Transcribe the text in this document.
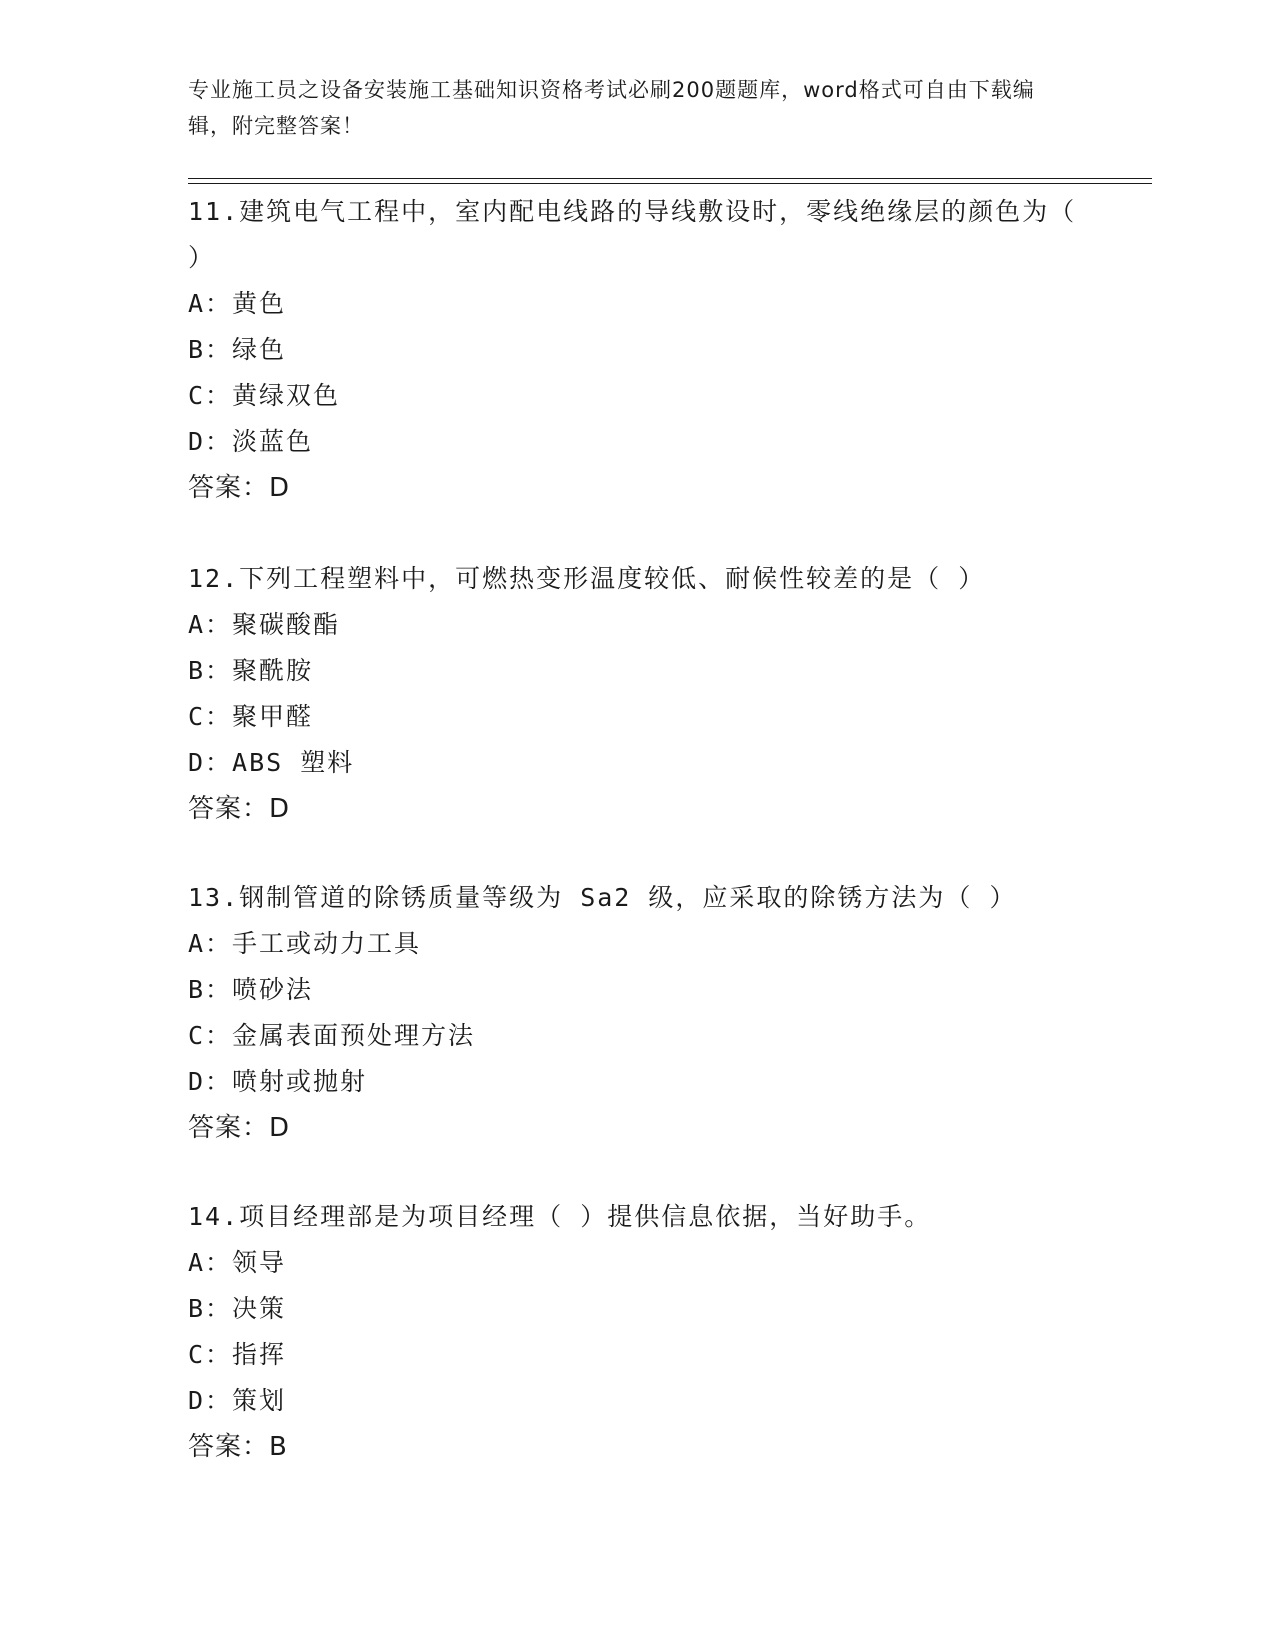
专业施工员之设备安装施工基础知识资格考试必刷200题题库，word格式可自由下载编辑，附完整答案！

11.建筑电气工程中，室内配电线路的导线敷设时，零线绝缘层的颜色为（ ）

A：黄色

B：绿色

C：黄绿双色

D：淡蓝色

答案：D

12.下列工程塑料中，可燃热变形温度较低、耐候性较差的是（ ）

A：聚碳酸酯

B：聚酰胺

C：聚甲醛

D：ABS 塑料

答案：D

13.钢制管道的除锈质量等级为 Sa2 级，应采取的除锈方法为（ ）

A：手工或动力工具

B：喷砂法

C：金属表面预处理方法

D：喷射或抛射

答案：D

14.项目经理部是为项目经理（ ）提供信息依据，当好助手。

A：领导

B：决策

C：指挥

D：策划

答案：B
